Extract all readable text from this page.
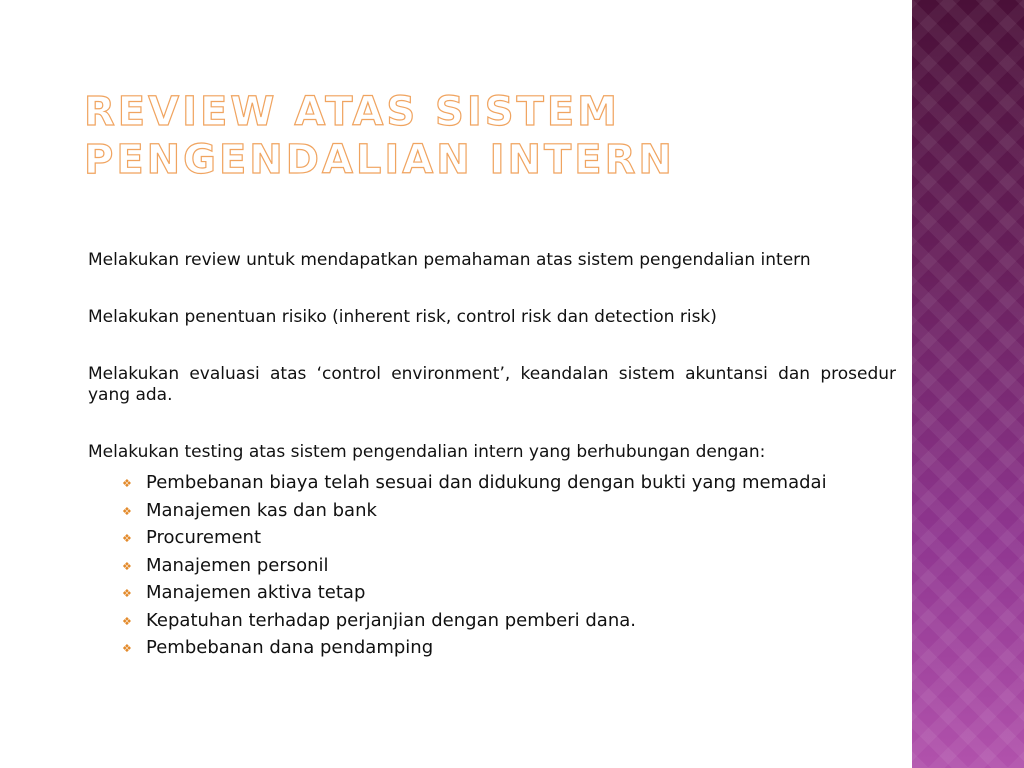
REVIEW ATAS SISTEM
PENGENDALIAN INTERN

Melakukan review untuk mendapatkan pemahaman atas sistem pengendalian intern

Melakukan penentuan risiko (inherent risk, control risk dan detection risk)

Melakukan evaluasi atas ‘control environment’, keandalan sistem akuntansi dan prosedur yang ada.

Melakukan testing atas sistem pengendalian intern yang berhubungan dengan:

❖ Pembebanan biaya telah sesuai dan didukung dengan bukti yang memadai
❖ Manajemen kas dan bank
❖ Procurement
❖ Manajemen personil
❖ Manajemen aktiva tetap
❖ Kepatuhan terhadap perjanjian dengan pemberi dana.
❖ Pembebanan dana pendamping
